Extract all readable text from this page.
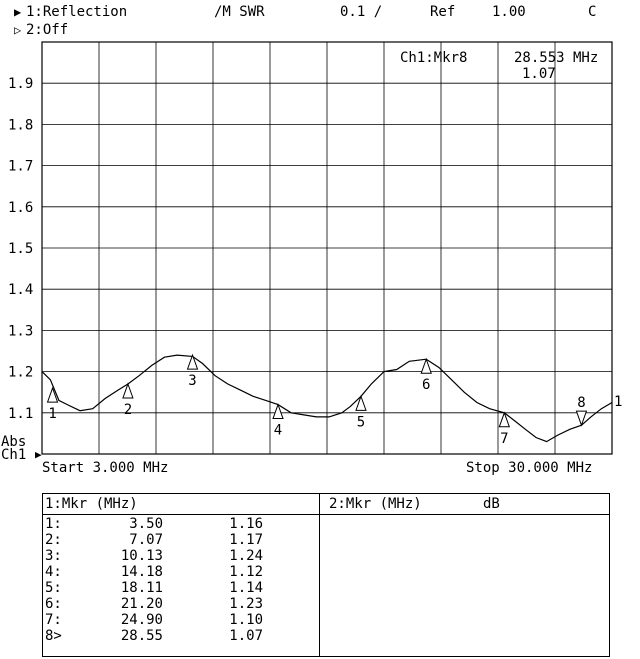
▶ 1:Reflection	/M SWR	0.1 /	Ref	1.00	C
▷ 2:Off
1.1
1.2
1.3
1.4
1.5
1.6
1.7
1.8
1.9
1	2
3
4
5
6
7
8
Ch1:Mkr8	28.553 MHz
1.07
Abs
Ch1 ▶
1
Start 3.000 MHz	Stop 30.000 MHz
1:Mkr (MHz)	2:Mkr (MHz)	dB
1:	3.50	1.16
2:	7.07	1.17
3:	10.13	1.24
4:	14.18	1.12
5:	18.11	1.14
6:	21.20	1.23
7:	24.90	1.10
8>	28.55	1.07
